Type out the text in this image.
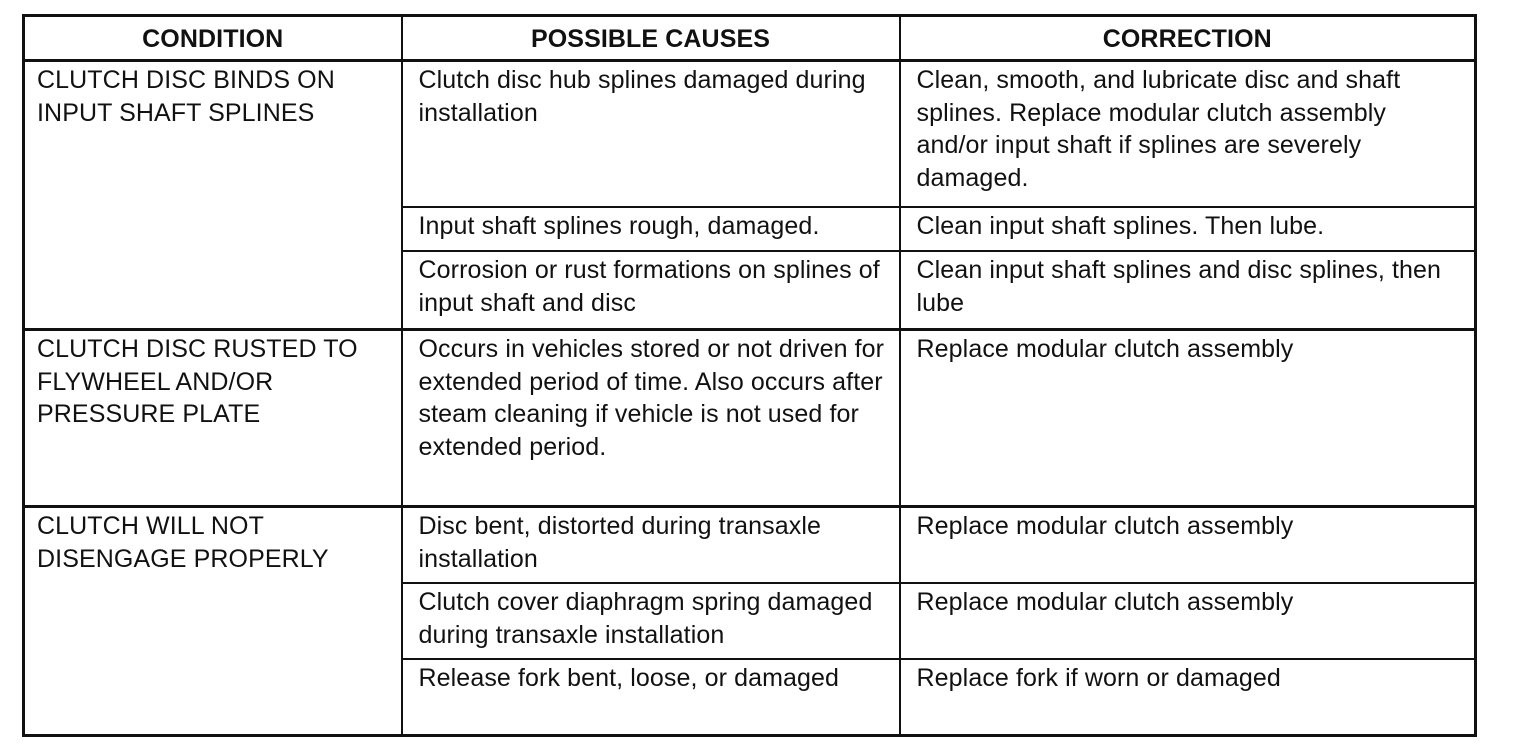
CONDITION	POSSIBLE CAUSES	CORRECTION
CLUTCH DISC BINDS ON INPUT SHAFT SPLINES	Clutch disc hub splines damaged during installation	Clean, smooth, and lubricate disc and shaft splines. Replace modular clutch assembly and/or input shaft if splines are severely damaged.
	Input shaft splines rough, damaged.	Clean input shaft splines. Then lube.
	Corrosion or rust formations on splines of input shaft and disc	Clean input shaft splines and disc splines, then lube
CLUTCH DISC RUSTED TO FLYWHEEL AND/OR PRESSURE PLATE	Occurs in vehicles stored or not driven for extended period of time. Also occurs after steam cleaning if vehicle is not used for extended period.	Replace modular clutch assembly
CLUTCH WILL NOT DISENGAGE PROPERLY	Disc bent, distorted during transaxle installation	Replace modular clutch assembly
	Clutch cover diaphragm spring damaged during transaxle installation	Replace modular clutch assembly
	Release fork bent, loose, or damaged	Replace fork if worn or damaged
